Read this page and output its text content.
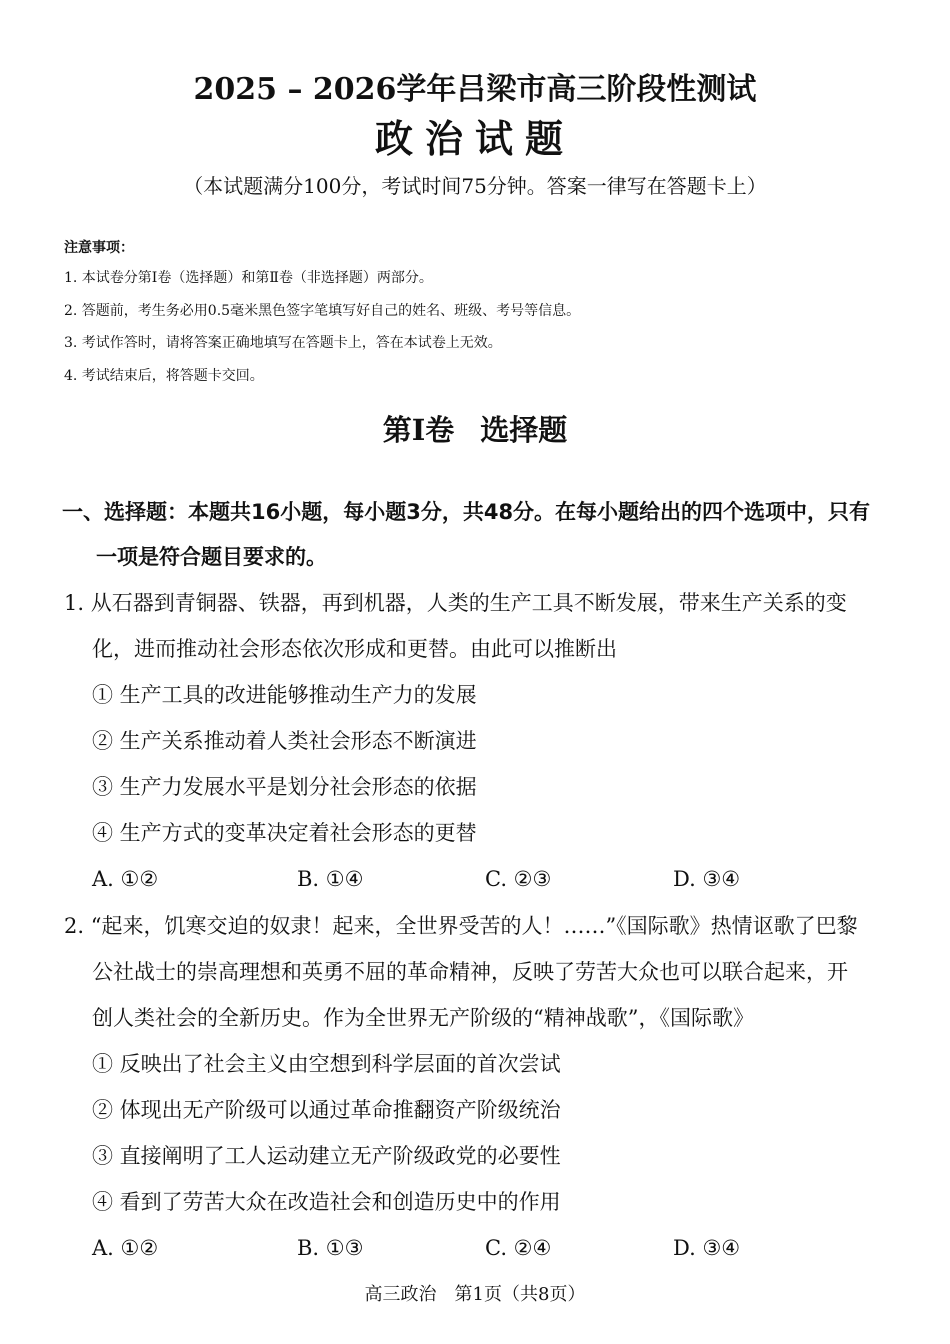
2025 – 2026学年吕梁市高三阶段性测试
政治试题
（本试题满分100分，考试时间75分钟。答案一律写在答题卡上）
注意事项：
1. 本试卷分第Ⅰ卷（选择题）和第Ⅱ卷（非选择题）两部分。
2. 答题前，考生务必用0.5毫米黑色签字笔填写好自己的姓名、班级、考号等信息。
3. 考试作答时，请将答案正确地填写在答题卡上，答在本试卷上无效。
4. 考试结束后，将答题卡交回。
第Ⅰ卷 选择题
一、选择题：本题共16小题，每小题3分，共48分。在每小题给出的四个选项中，只有
一项是符合题目要求的。
1. 从石器到青铜器、铁器，再到机器，人类的生产工具不断发展，带来生产关系的变
化，进而推动社会形态依次形成和更替。由此可以推断出
① 生产工具的改进能够推动生产力的发展
② 生产关系推动着人类社会形态不断演进
③ 生产力发展水平是划分社会形态的依据
④ 生产方式的变革决定着社会形态的更替
A. ①②	B. ①④	C. ②③	D. ③④
2. “起来，饥寒交迫的奴隶！起来，全世界受苦的人！……”《国际歌》热情讴歌了巴黎
公社战士的崇高理想和英勇不屈的革命精神，反映了劳苦大众也可以联合起来，开
创人类社会的全新历史。作为全世界无产阶级的“精神战歌”，《国际歌》
① 反映出了社会主义由空想到科学层面的首次尝试
② 体现出无产阶级可以通过革命推翻资产阶级统治
③ 直接阐明了工人运动建立无产阶级政党的必要性
④ 看到了劳苦大众在改造社会和创造历史中的作用
A. ①②	B. ①③	C. ②④	D. ③④
高三政治　第1页（共8页）
